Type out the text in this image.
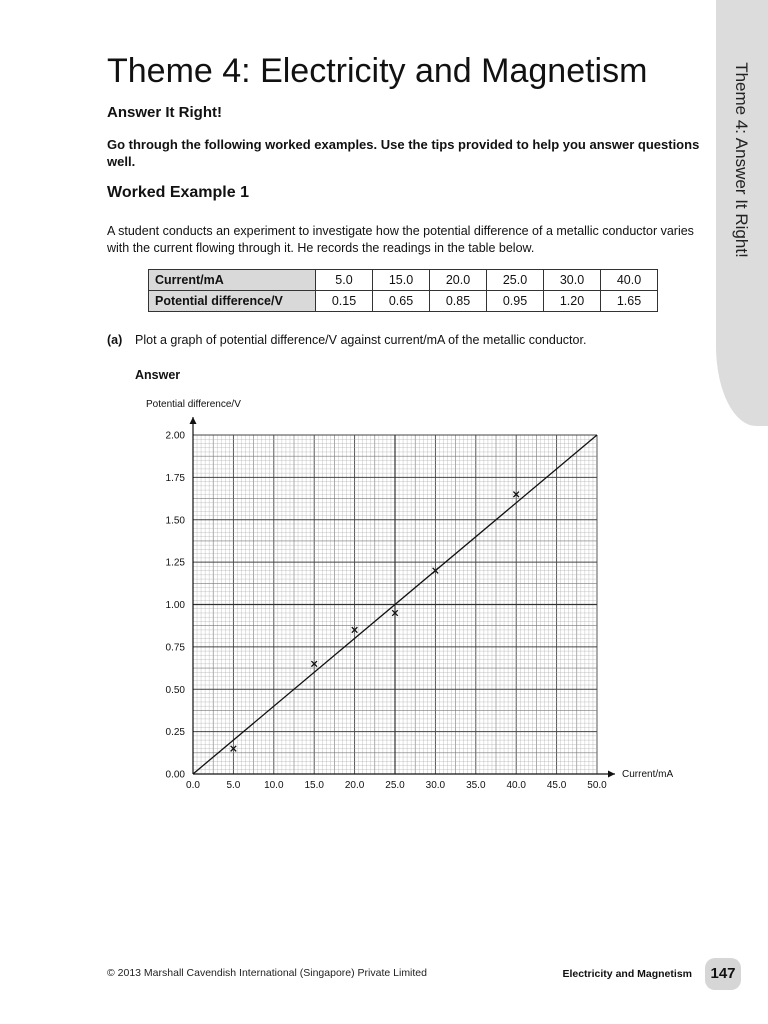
Theme 4: Answer It Right!
Theme 4: Electricity and Magnetism
Answer It Right!
Go through the following worked examples. Use the tips provided to help you answer questions well.
Worked Example 1
A student conducts an experiment to investigate how the potential difference of a metallic conductor varies with the current flowing through it. He records the readings in the table below.
Current/mA	5.0	15.0	20.0	25.0	30.0	40.0
Potential difference/V	0.15	0.65	0.85	0.95	1.20	1.65
(a) Plot a graph of potential difference/V against current/mA of the metallic conductor.
Answer
0.0	5.0 10.0 15.0 20.0 25.0 30.0 35.0 40.0 45.0 50.0
0.00
0.25
0.50
0.75
1.00
1.25
1.50
1.75
2.00
Potential difference/V
Current/mA
© 2013 Marshall Cavendish International (Singapore) Private Limited	Electricity and Magnetism	147
